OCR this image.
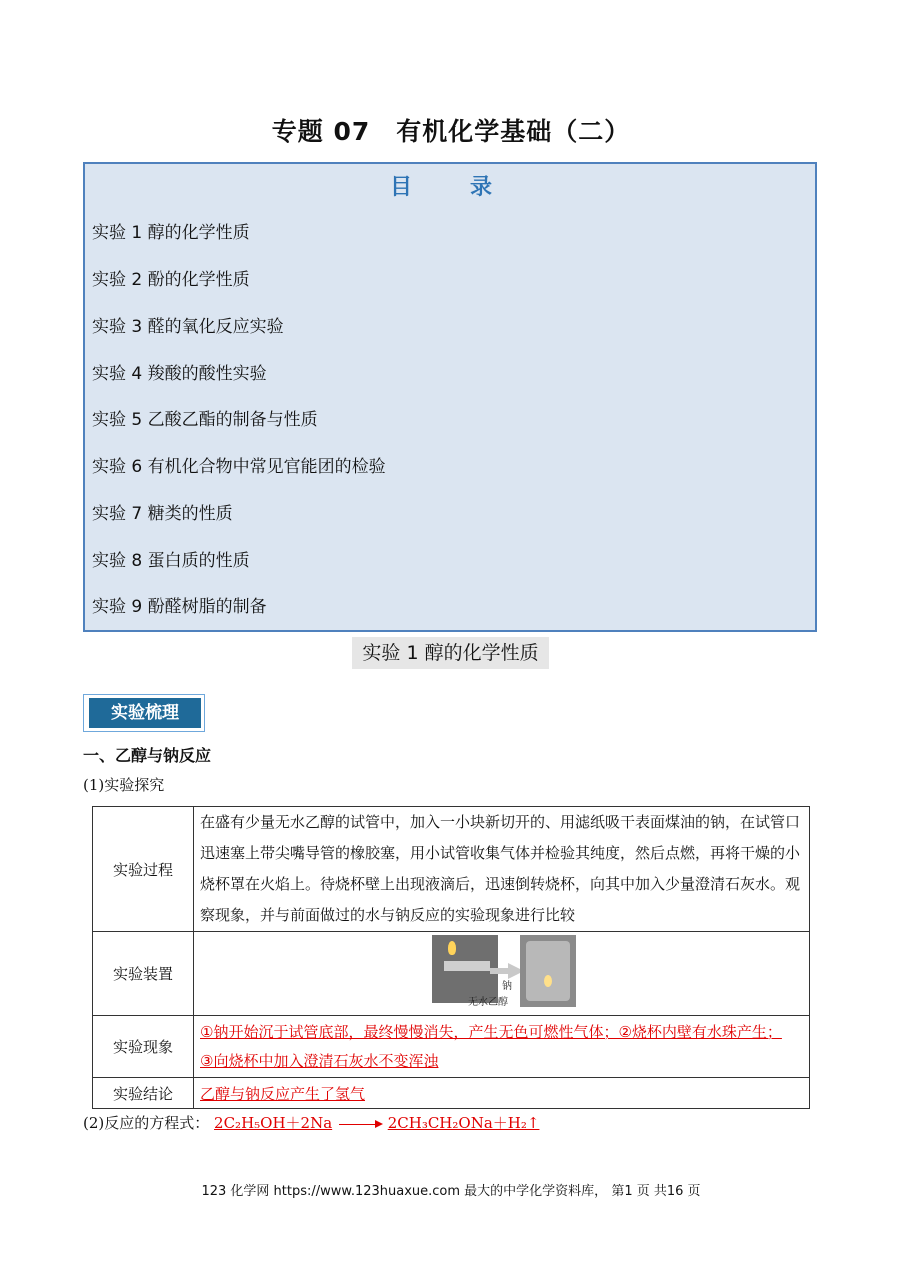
专题 07　有机化学基础（二）
目　录
实验 1 醇的化学性质
实验 2 酚的化学性质
实验 3 醛的氧化反应实验
实验 4 羧酸的酸性实验
实验 5 乙酸乙酯的制备与性质
实验 6 有机化合物中常见官能团的检验
实验 7 糖类的性质
实验 8 蛋白质的性质
实验 9 酚醛树脂的制备
实验 1 醇的化学性质
实验梳理
一、乙醇与钠反应
(1)实验探究
实验过程	在盛有少量无水乙醇的试管中，加入一小块新切开的、用滤纸吸干表面煤油的钠，在试管口迅速塞上带尖嘴导管的橡胶塞，用小试管收集气体并检验其纯度，然后点燃，再将干燥的小烧杯罩在火焰上。待烧杯壁上出现液滴后，迅速倒转烧杯，向其中加入少量澄清石灰水。观察现象，并与前面做过的水与钠反应的实验现象进行比较
实验装置	钠
无水乙醇

实验现象	①钠开始沉于试管底部，最终慢慢消失，产生无色可燃性气体；②烧杯内壁有水珠产生；
③向烧杯中加入澄清石灰水不变浑浊

实验结论	乙醇与钠反应产生了氢气
(2)反应的方程式： 2C₂H₅OH＋2Na → 2CH₃CH₂ONa＋H₂↑
123 化学网 https://www.123huaxue.com 最大的中学化学资料库， 第1 页 共16 页
